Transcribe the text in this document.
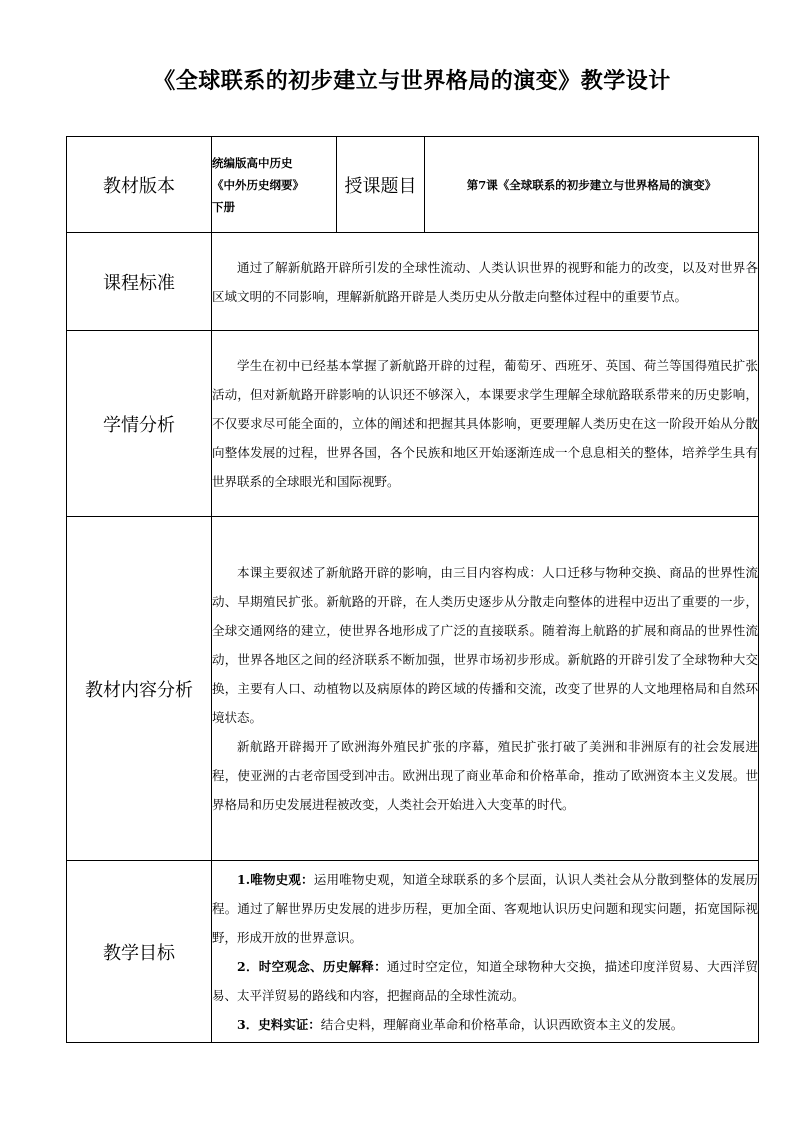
《全球联系的初步建立与世界格局的演变》教学设计
教材版本	统编版高中历史
《中外历史纲要》
下册	授课题目	第7课《全球联系的初步建立与世界格局的演变》
课程标准	通过了解新航路开辟所引发的全球性流动、人类认识世界的视野和能力的改变，以及对世界各区域文明的不同影响，理解新航路开辟是人类历史从分散走向整体过程中的重要节点。		

学情分析	学生在初中已经基本掌握了新航路开辟的过程，葡萄牙、西班牙、英国、荷兰等国得殖民扩张活动，但对新航路开辟影响的认识还不够深入，本课要求学生理解全球航路联系带来的历史影响，不仅要求尽可能全面的，立体的阐述和把握其具体影响，更要理解人类历史在这一阶段开始从分散向整体发展的过程，世界各国，各个民族和地区开始逐渐连成一个息息相关的整体，培养学生具有世界联系的全球眼光和国际视野。		

教材内容分析	本课主要叙述了新航路开辟的影响，由三目内容构成：人口迁移与物种交换、商品的世界性流动、早期殖民扩张。新航路的开辟，在人类历史逐步从分散走向整体的进程中迈出了重要的一步，全球交通网络的建立，使世界各地形成了广泛的直接联系。随着海上航路的扩展和商品的世界性流动，世界各地区之间的经济联系不断加强，世界市场初步形成。新航路的开辟引发了全球物种大交换，主要有人口、动植物以及病原体的跨区域的传播和交流，改变了世界的人文地理格局和自然环境状态。

新航路开辟揭开了欧洲海外殖民扩张的序幕，殖民扩张打破了美洲和非洲原有的社会发展进程，使亚洲的古老帝国受到冲击。欧洲出现了商业革命和价格革命，推动了欧洲资本主义发展。世界格局和历史发展进程被改变，人类社会开始进入大变革的时代。		

教学目标	1.唯物史观：运用唯物史观，知道全球联系的多个层面，认识人类社会从分散到整体的发展历程。通过了解世界历史发展的进步历程，更加全面、客观地认识历史问题和现实问题，拓宽国际视野，形成开放的世界意识。

2．时空观念、历史解释：通过时空定位，知道全球物种大交换，描述印度洋贸易、大西洋贸易、太平洋贸易的路线和内容，把握商品的全球性流动。

3．史料实证：结合史料，理解商业革命和价格革命，认识西欧资本主义的发展。		
